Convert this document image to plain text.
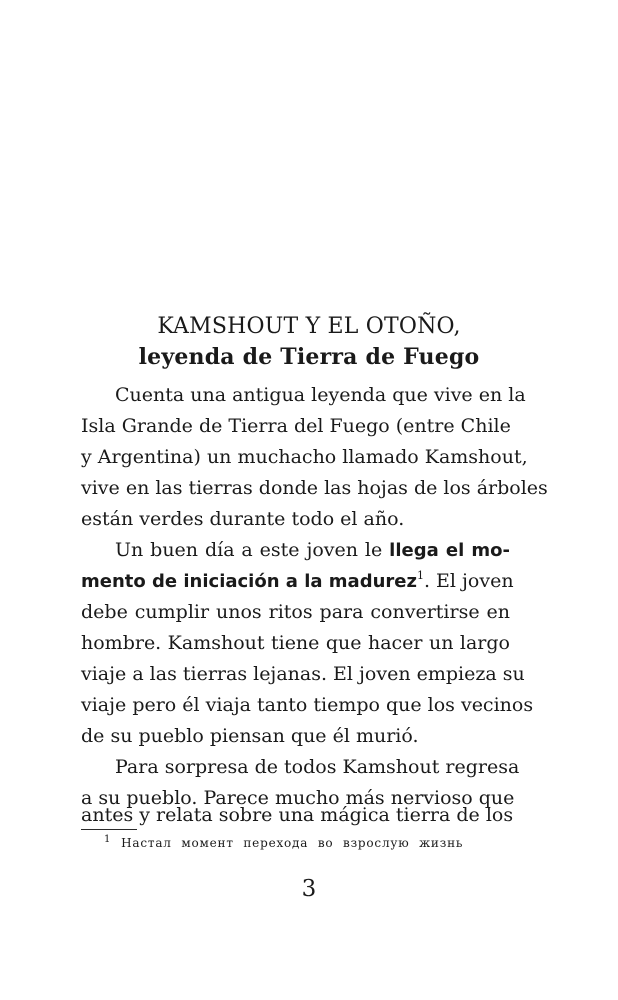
KAMSHOUT Y EL OTOÑO,
leyenda de Tierra de Fuego
Cuenta una antigua leyenda que vive en la
Isla Grande de Tierra del Fuego (entre Chile
y Argentina) un muchacho llamado Kamshout,
vive en las tierras donde las hojas de los árboles
están verdes durante todo el año.
Un buen día a este joven le llega el mo-
mento de iniciación a la madurez$^1$. El joven
debe cumplir unos ritos para convertirse en
hombre. Kamshout tiene que hacer un largo
viaje a las tierras lejanas. El joven empieza su
viaje pero él viaja tanto tiempo que los vecinos
de su pueblo piensan que él murió.
Para sorpresa de todos Kamshout regresa
a su pueblo. Parece mucho más nervioso que
antes y relata sobre una mágica tierra de los
$^1$ Настал момент перехода во взрослую жизнь
3
